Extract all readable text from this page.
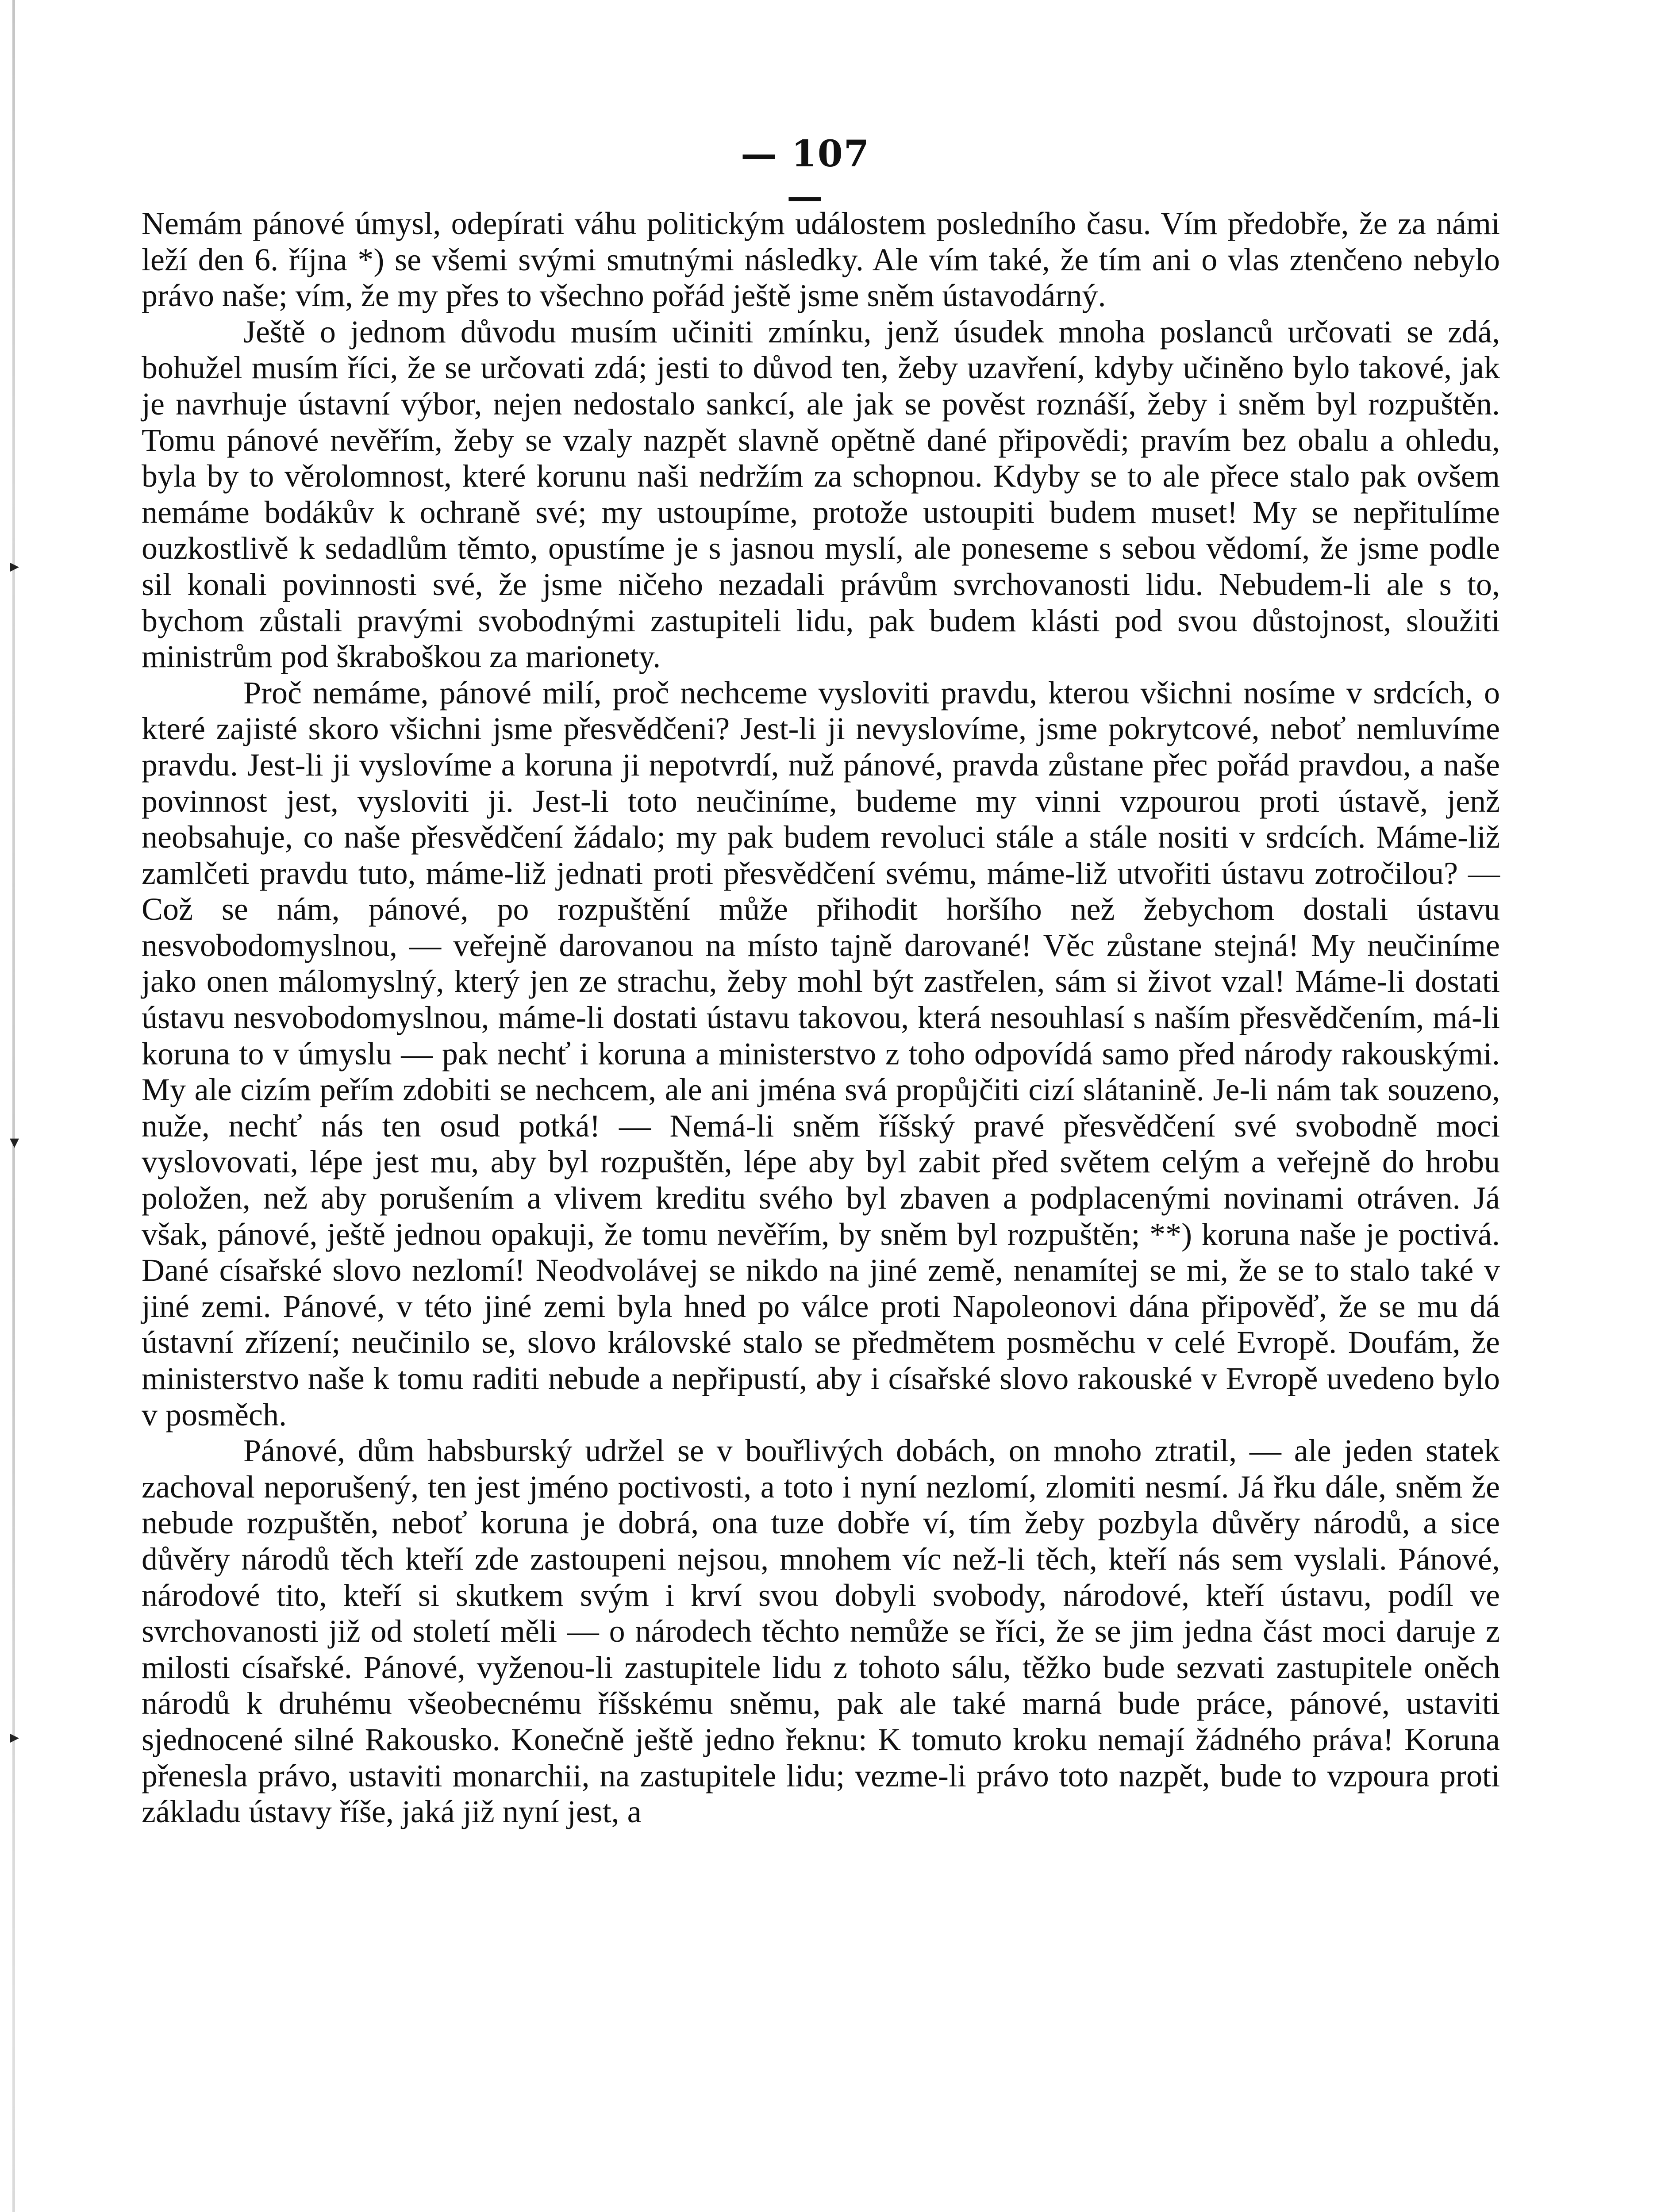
▸
▾
▸
— 107 —

Nemám pánové úmysl, odepírati váhu politickým událostem posledního času. Vím předobře, že za námi leží den 6. října *) se všemi svými smutnými následky. Ale vím také, že tím ani o vlas ztenčeno nebylo právo naše; vím, že my přes to všechno pořád ještě jsme sněm ústavodárný.

Ještě o jednom důvodu musím učiniti zmínku, jenž úsudek mnoha poslanců určovati se zdá, bohužel musím říci, že se určovati zdá; jesti to důvod ten, žeby uzavření, kdyby učiněno bylo takové, jak je navrhuje ústavní výbor, nejen nedostalo sankcí, ale jak se pověst roznáší, žeby i sněm byl rozpuštěn. Tomu pánové nevěřím, žeby se vzaly nazpět slavně opětně dané připovědi; pravím bez obalu a ohledu, byla by to věrolomnost, které korunu naši nedržím za schopnou. Kdyby se to ale přece stalo pak ovšem nemáme bodákův k ochraně své; my ustoupíme, protože ustoupiti budem muset! My se nepřitulíme ouzkostlivě k sedadlům těmto, opustíme je s jasnou myslí, ale poneseme s sebou vědomí, že jsme podle sil konali povinnosti své, že jsme ničeho nezadali právům svrchovanosti lidu. Nebudem-li ale s to, bychom zůstali pravými svobodnými zastupiteli lidu, pak budem klásti pod svou důstojnost, sloužiti ministrům pod škraboškou za marionety.

Proč nemáme, pánové milí, proč nechceme vysloviti pravdu, kterou všichni nosíme v srdcích, o které zajisté skoro všichni jsme přesvědčeni? Jest-li ji nevyslovíme, jsme pokrytcové, neboť nemluvíme pravdu. Jest-li ji vyslovíme a koruna ji nepotvrdí, nuž pánové, pravda zůstane přec pořád pravdou, a naše povinnost jest, vysloviti ji. Jest-li toto neučiníme, budeme my vinni vzpourou proti ústavě, jenž neobsahuje, co naše přesvědčení žádalo; my pak budem revoluci stále a stále nositi v srdcích. Máme-liž zamlčeti pravdu tuto, máme-liž jednati proti přesvědčení svému, máme-liž utvořiti ústavu zotročilou? — Což se nám, pánové, po rozpuštění může přihodit horšího než žebychom dostali ústavu nesvobodomyslnou, — veřejně darovanou na místo tajně darované! Věc zůstane stejná! My neučiníme jako onen málomyslný, který jen ze strachu, žeby mohl být zastřelen, sám si život vzal! Máme-li dostati ústavu nesvobodomyslnou, máme-li dostati ústavu takovou, která nesouhlasí s naším přesvědčením, má-li koruna to v úmyslu — pak nechť i koruna a ministerstvo z toho odpovídá samo před národy rakouskými. My ale cizím peřím zdobiti se nechcem, ale ani jména svá propůjčiti cizí slátanině. Je-li nám tak souzeno, nuže, nechť nás ten osud potká! — Nemá-li sněm říšský pravé přesvědčení své svobodně moci vyslovovati, lépe jest mu, aby byl rozpuštěn, lépe aby byl zabit před světem celým a veřejně do hrobu položen, než aby porušením a vlivem kreditu svého byl zbaven a podplacenými novinami otráven. Já však, pánové, ještě jednou opakuji, že tomu nevěřím, by sněm byl rozpuštěn; **) koruna naše je poctivá. Dané císařské slovo nezlomí! Neodvolávej se nikdo na jiné země, nenamítej se mi, že se to stalo také v jiné zemi. Pánové, v této jiné zemi byla hned po válce proti Napoleonovi dána připověď, že se mu dá ústavní zřízení; neučinilo se, slovo královské stalo se předmětem posměchu v celé Evropě. Doufám, že ministerstvo naše k tomu raditi nebude a nepřipustí, aby i císařské slovo rakouské v Evropě uvedeno bylo v posměch.

Pánové, dům habsburský udržel se v bouřlivých dobách, on mnoho ztratil, — ale jeden statek zachoval neporušený, ten jest jméno poctivosti, a toto i nyní nezlomí, zlomiti nesmí. Já řku dále, sněm že nebude rozpuštěn, neboť koruna je dobrá, ona tuze dobře ví, tím žeby pozbyla důvěry národů, a sice důvěry národů těch kteří zde zastoupeni nejsou, mnohem víc než-li těch, kteří nás sem vyslali. Pánové, národové tito, kteří si skutkem svým i krví svou dobyli svobody, národové, kteří ústavu, podíl ve svrchovanosti již od století měli — o národech těchto nemůže se říci, že se jim jedna část moci daruje z milosti císařské. Pánové, vyženou-li zastupitele lidu z tohoto sálu, těžko bude sezvati zastupitele oněch národů k druhému všeobecnému říšskému sněmu, pak ale také marná bude práce, pánové, ustaviti sjednocené silné Rakousko. Konečně ještě jedno řeknu: K tomuto kroku nemají žádného práva! Koruna přenesla právo, ustaviti monarchii, na zastupitele lidu; vezme-li právo toto nazpět, bude to vzpoura proti základu ústavy říše, jaká již nyní jest, a
